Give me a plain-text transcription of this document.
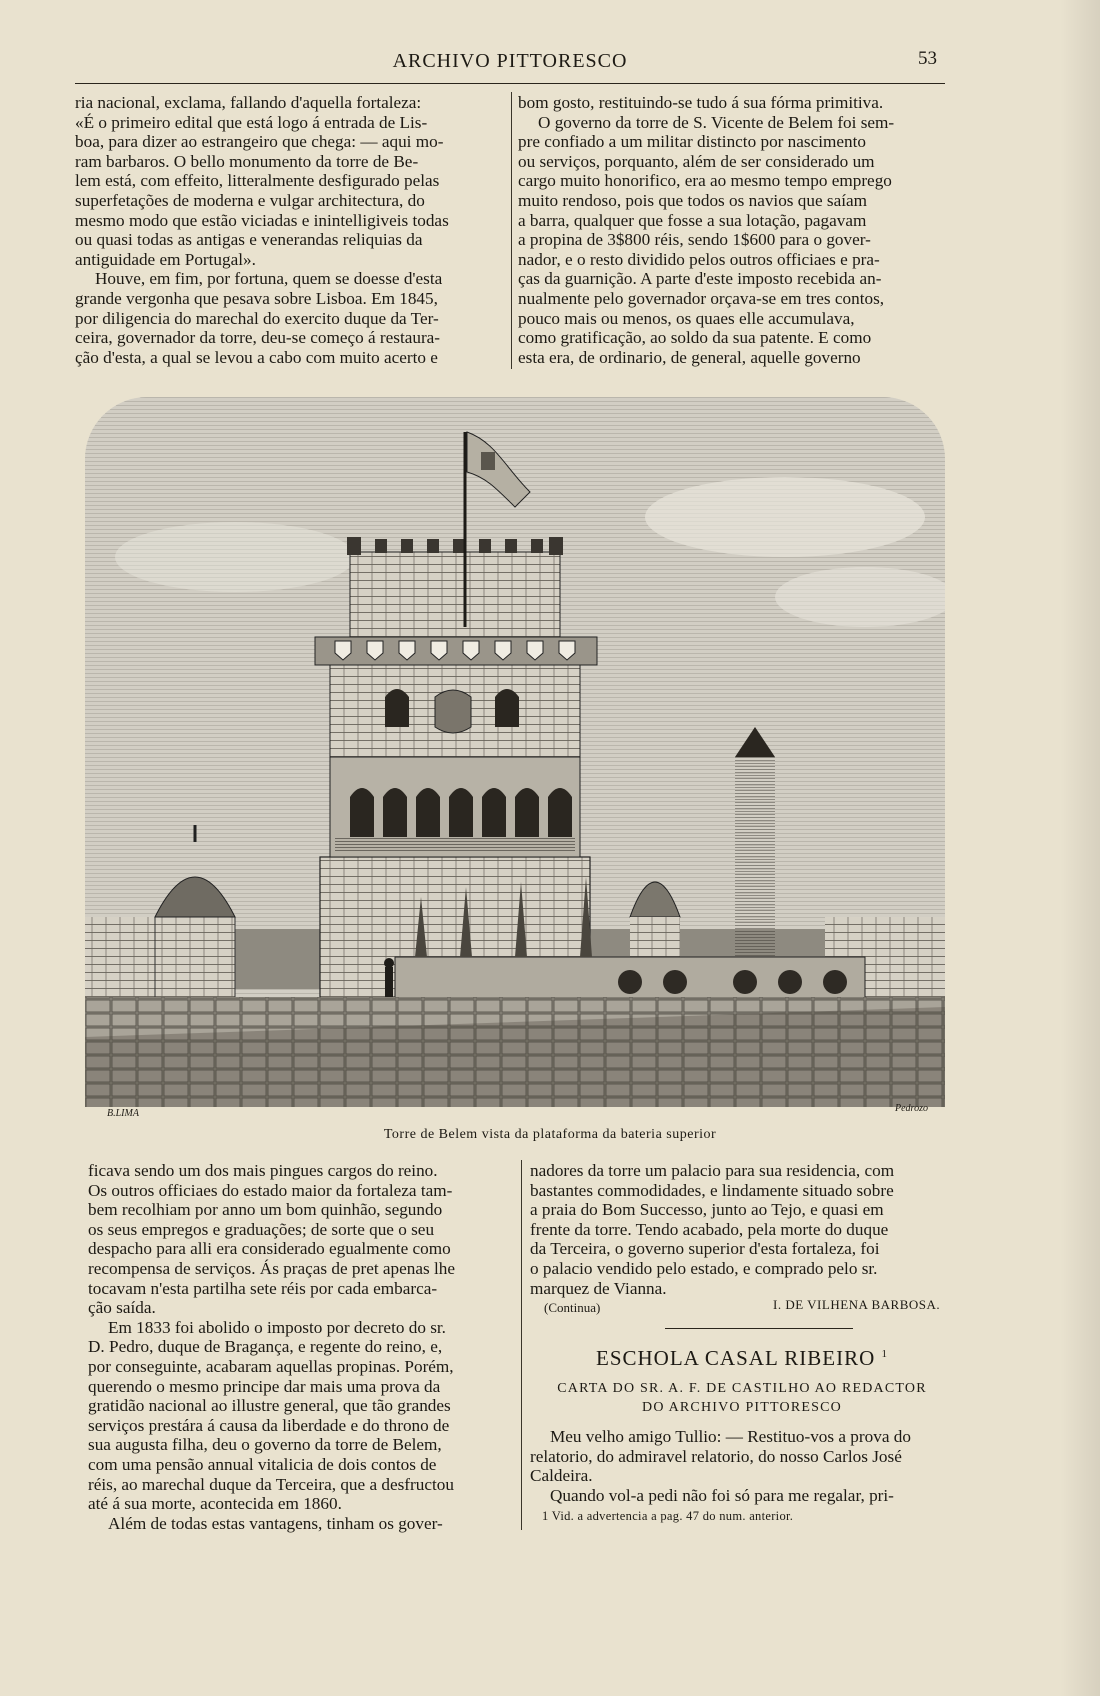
ARCHIVO PITTORESCO	53

ria nacional, exclama, fallando d'aquella fortaleza:

«É o primeiro edital que está logo á entrada de Lis-

boa, para dizer ao estrangeiro que chega: — aqui mo-

ram barbaros. O bello monumento da torre de Be-

lem está, com effeito, litteralmente desfigurado pelas

superfetações de moderna e vulgar architectura, do

mesmo modo que estão viciadas e inintelligiveis todas

ou quasi todas as antigas e venerandas reliquias da

antiguidade em Portugal».

Houve, em fim, por fortuna, quem se doesse d'esta

grande vergonha que pesava sobre Lisboa. Em 1845,

por diligencia do marechal do exercito duque da Ter-

ceira, governador da torre, deu-se começo á restaura-

ção d'esta, a qual se levou a cabo com muito acerto e

bom gosto, restituindo-se tudo á sua fórma primitiva.

O governo da torre de S. Vicente de Belem foi sem-

pre confiado a um militar distincto por nascimento

ou serviços, porquanto, além de ser considerado um

cargo muito honorifico, era ao mesmo tempo emprego

muito rendoso, pois que todos os navios que saíam

a barra, qualquer que fosse a sua lotação, pagavam

a propina de 3$800 réis, sendo 1$600 para o gover-

nador, e o resto dividido pelos outros officiaes e pra-

ças da guarnição. A parte d'este imposto recebida an-

nualmente pelo governador orçava-se em tres contos,

pouco mais ou menos, os quaes elle accumulava,

como gratificação, ao soldo da sua patente. E como

esta era, de ordinario, de general, aquelle governo

B.LIMA	Pedrozo
Torre de Belem vista da plataforma da bateria superior

ficava sendo um dos mais pingues cargos do reino.

Os outros officiaes do estado maior da fortaleza tam-

bem recolhiam por anno um bom quinhão, segundo

os seus empregos e graduações; de sorte que o seu

despacho para alli era considerado egualmente como

recompensa de serviços. Ás praças de pret apenas lhe

tocavam n'esta partilha sete réis por cada embarca-

ção saída.

Em 1833 foi abolido o imposto por decreto do sr.

D. Pedro, duque de Bragança, e regente do reino, e,

por conseguinte, acabaram aquellas propinas. Porém,

querendo o mesmo principe dar mais uma prova da

gratidão nacional ao illustre general, que tão grandes

serviços prestára á causa da liberdade e do throno de

sua augusta filha, deu o governo da torre de Belem,

com uma pensão annual vitalicia de dois contos de

réis, ao marechal duque da Terceira, que a desfructou

até á sua morte, acontecida em 1860.

Além de todas estas vantagens, tinham os gover-

nadores da torre um palacio para sua residencia, com

bastantes commodidades, e lindamente situado sobre

a praia do Bom Successo, junto ao Tejo, e quasi em

frente da torre. Tendo acabado, pela morte do duque

da Terceira, o governo superior d'esta fortaleza, foi

o palacio vendido pelo estado, e comprado pelo sr.

marquez de Vianna.

(Continua)	I. DE VILHENA BARBOSA.
ESCHOLA CASAL RIBEIRO $^1$
CARTA DO SR. A. F. DE CASTILHO AO REDACTOR
DO ARCHIVO PITTORESCO

Meu velho amigo Tullio: — Restituo-vos a prova do

relatorio, do admiravel relatorio, do nosso Carlos José

Caldeira.

Quando vol-a pedi não foi só para me regalar, pri-

1 Vid. a advertencia a pag. 47 do num. anterior.
